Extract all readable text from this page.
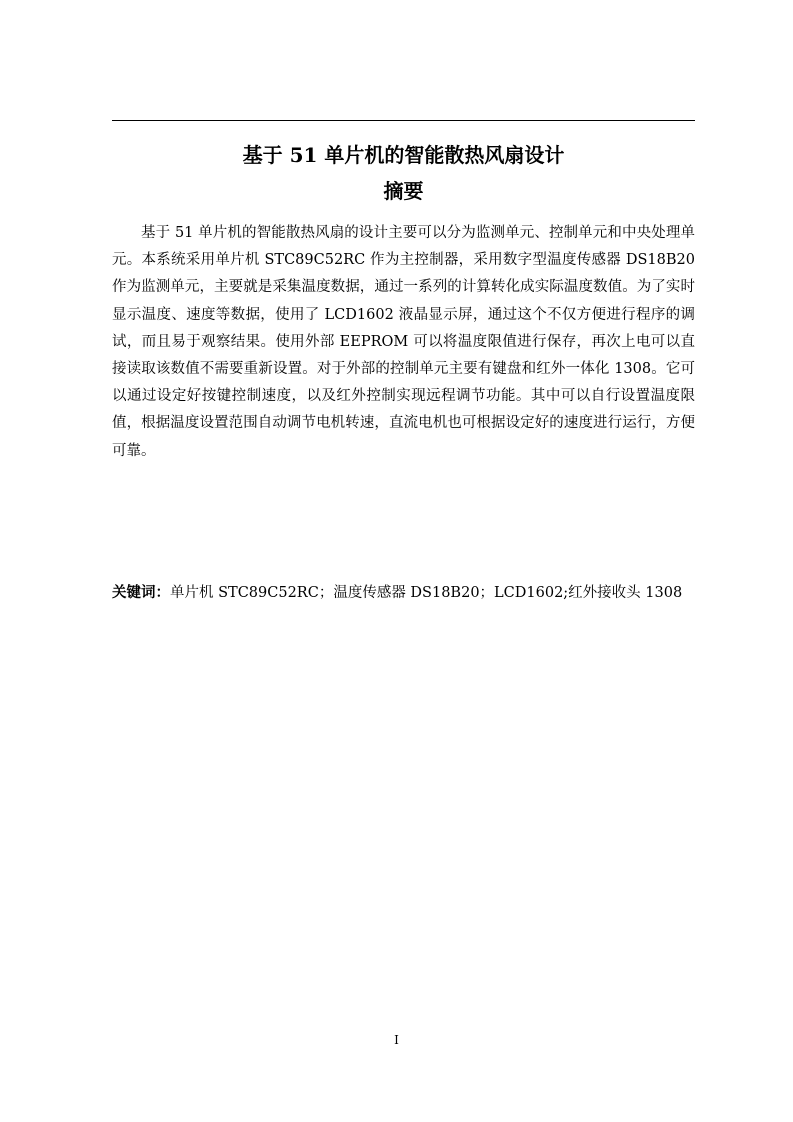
基于 51 单片机的智能散热风扇设计
摘要

基于 51 单片机的智能散热风扇的设计主要可以分为监测单元、控制单元和中央处理单元。本系统采用单片机 STC89C52RC 作为主控制器，采用数字型温度传感器 DS18B20 作为监测单元，主要就是采集温度数据，通过一系列的计算转化成实际温度数值。为了实时显示温度、速度等数据，使用了 LCD1602 液晶显示屏，通过这个不仅方便进行程序的调试，而且易于观察结果。使用外部 EEPROM 可以将温度限值进行保存，再次上电可以直接读取该数值不需要重新设置。对于外部的控制单元主要有键盘和红外一体化 1308。它可以通过设定好按键控制速度，以及红外控制实现远程调节功能。其中可以自行设置温度限值，根据温度设置范围自动调节电机转速，直流电机也可根据设定好的速度进行运行，方便可靠。

关键词：单片机 STC89C52RC；温度传感器 DS18B20；LCD1602;红外接收头 1308
I
